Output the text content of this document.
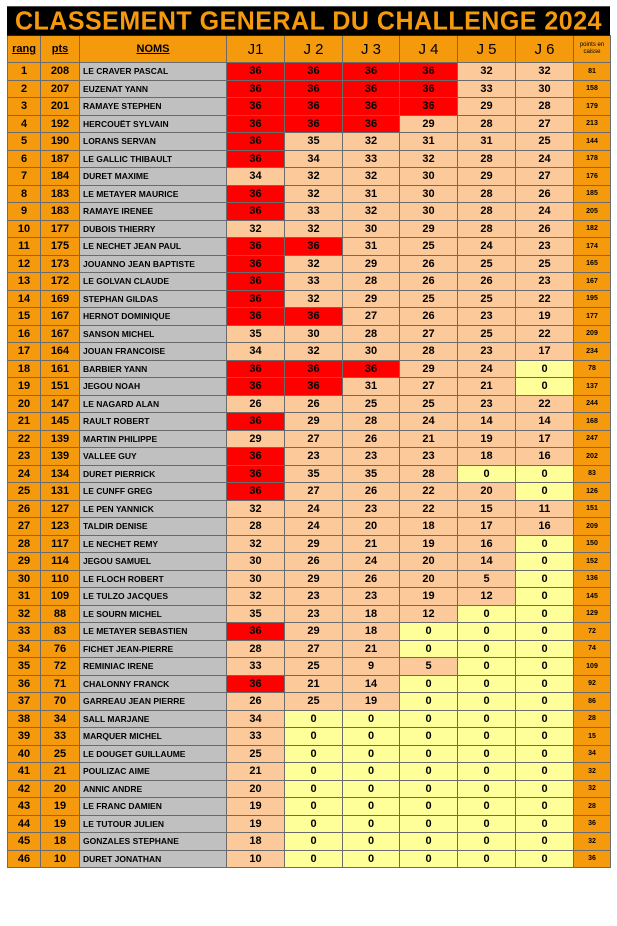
CLASSEMENT GENERAL DU CHALLENGE 2024
rang	pts	NOMS	J1	J 2	J 3	J 4	J 5	J 6	points en caisse
1	208	LE CRAVER PASCAL	36	36	36	36	32	32	81
2	207	EUZENAT YANN	36	36	36	36	33	30	158
3	201	RAMAYE STEPHEN	36	36	36	36	29	28	179
4	192	HERCOUËT SYLVAIN	36	36	36	29	28	27	213
5	190	LORANS SERVAN	36	35	32	31	31	25	144
6	187	LE GALLIC THIBAULT	36	34	33	32	28	24	178
7	184	DURET MAXIME	34	32	32	30	29	27	176
8	183	LE METAYER MAURICE	36	32	31	30	28	26	185
9	183	RAMAYE IRENEE	36	33	32	30	28	24	205
10	177	DUBOIS THIERRY	32	32	30	29	28	26	182
11	175	LE NECHET JEAN PAUL	36	36	31	25	24	23	174
12	173	JOUANNO JEAN BAPTISTE	36	32	29	26	25	25	165
13	172	LE GOLVAN CLAUDE	36	33	28	26	26	23	167
14	169	STEPHAN GILDAS	36	32	29	25	25	22	195
15	167	HERNOT DOMINIQUE	36	36	27	26	23	19	177
16	167	SANSON MICHEL	35	30	28	27	25	22	209
17	164	JOUAN FRANCOISE	34	32	30	28	23	17	234
18	161	BARBIER YANN	36	36	36	29	24	0	78
19	151	JEGOU NOAH	36	36	31	27	21	0	137
20	147	LE NAGARD ALAN	26	26	25	25	23	22	244
21	145	RAULT ROBERT	36	29	28	24	14	14	168
22	139	MARTIN PHILIPPE	29	27	26	21	19	17	247
23	139	VALLEE GUY	36	23	23	23	18	16	202
24	134	DURET PIERRICK	36	35	35	28	0	0	83
25	131	LE CUNFF GREG	36	27	26	22	20	0	126
26	127	LE PEN YANNICK	32	24	23	22	15	11	151
27	123	TALDIR DENISE	28	24	20	18	17	16	209
28	117	LE NECHET REMY	32	29	21	19	16	0	150
29	114	JEGOU SAMUEL	30	26	24	20	14	0	152
30	110	LE FLOCH ROBERT	30	29	26	20	5	0	136
31	109	LE TULZO JACQUES	32	23	23	19	12	0	145
32	88	LE SOURN MICHEL	35	23	18	12	0	0	129
33	83	LE METAYER SEBASTIEN	36	29	18	0	0	0	72
34	76	FICHET JEAN-PIERRE	28	27	21	0	0	0	74
35	72	REMINIAC IRENE	33	25	9	5	0	0	109
36	71	CHALONNY FRANCK	36	21	14	0	0	0	92
37	70	GARREAU JEAN PIERRE	26	25	19	0	0	0	86
38	34	SALL MARJANE	34	0	0	0	0	0	28
39	33	MARQUER MICHEL	33	0	0	0	0	0	15
40	25	LE DOUGET GUILLAUME	25	0	0	0	0	0	34
41	21	POULIZAC AIME	21	0	0	0	0	0	32
42	20	ANNIC ANDRE	20	0	0	0	0	0	32
43	19	LE FRANC DAMIEN	19	0	0	0	0	0	28
44	19	LE TUTOUR JULIEN	19	0	0	0	0	0	36
45	18	GONZALES STEPHANE	18	0	0	0	0	0	32
46	10	DURET JONATHAN	10	0	0	0	0	0	36
